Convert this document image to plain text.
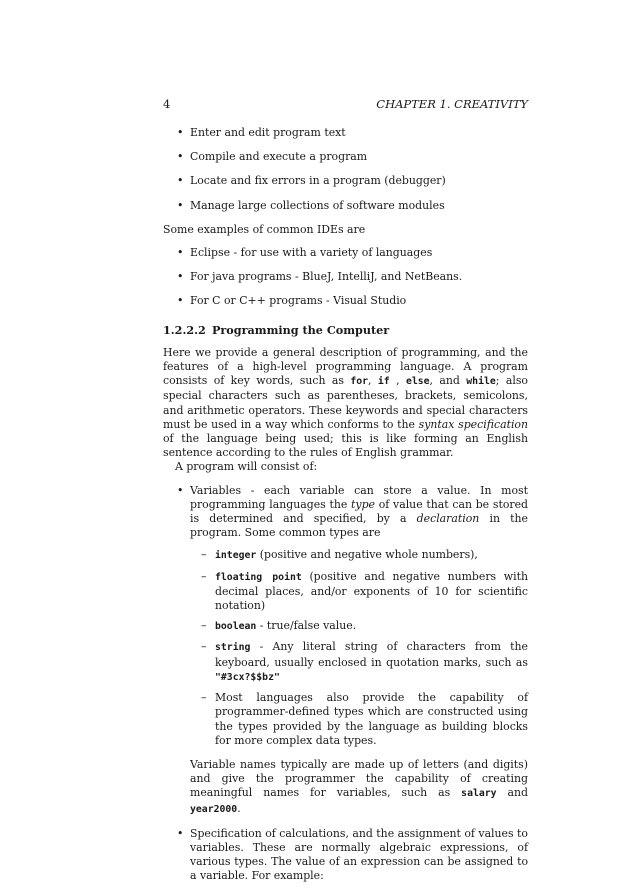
4	CHAPTER 1. CREATIVITY
• Enter and edit program text
• Compile and execute a program
• Locate and fix errors in a program (debugger)
• Manage large collections of software modules

Some examples of common IDEs are

• Eclipse - for use with a variety of languages
• For java programs - BlueJ, IntelliJ, and NetBeans.
• For C or C++ programs - Visual Studio
1.2.2.2 Programming the Computer

Here we provide a general description of programming, and the features of a high-level programming language. A program consists of key words, such as for, if , else, and while; also special characters such as parentheses, brackets, semicolons, and arithmetic operators. These keywords and special characters must be used in a way which conforms to the syntax specification of the language being used; this is like forming an English sentence according to the rules of English grammar.

A program will consist of:

• Variables - each variable can store a value. In most programming languages the type of value that can be stored is determined and specified, by a declaration in the program. Some common types are
– integer (positive and negative whole numbers),
– floating point (positive and negative numbers with decimal places, and/or exponents of 10 for scientific notation)
– boolean - true/false value.
– string - Any literal string of characters from the keyboard, usually enclosed in quotation marks, such as "#3cx?$$bz"
– Most languages also provide the capability of programmer-defined types which are constructed using the types provided by the language as building blocks for more complex data types.

Variable names typically are made up of letters (and digits) and give the programmer the capability of creating meaningful names for variables, such as salary and year2000.

• Specification of calculations, and the assignment of values to variables. These are normally algebraic expressions, of various types. The value of an expression can be assigned to a variable. For example:
